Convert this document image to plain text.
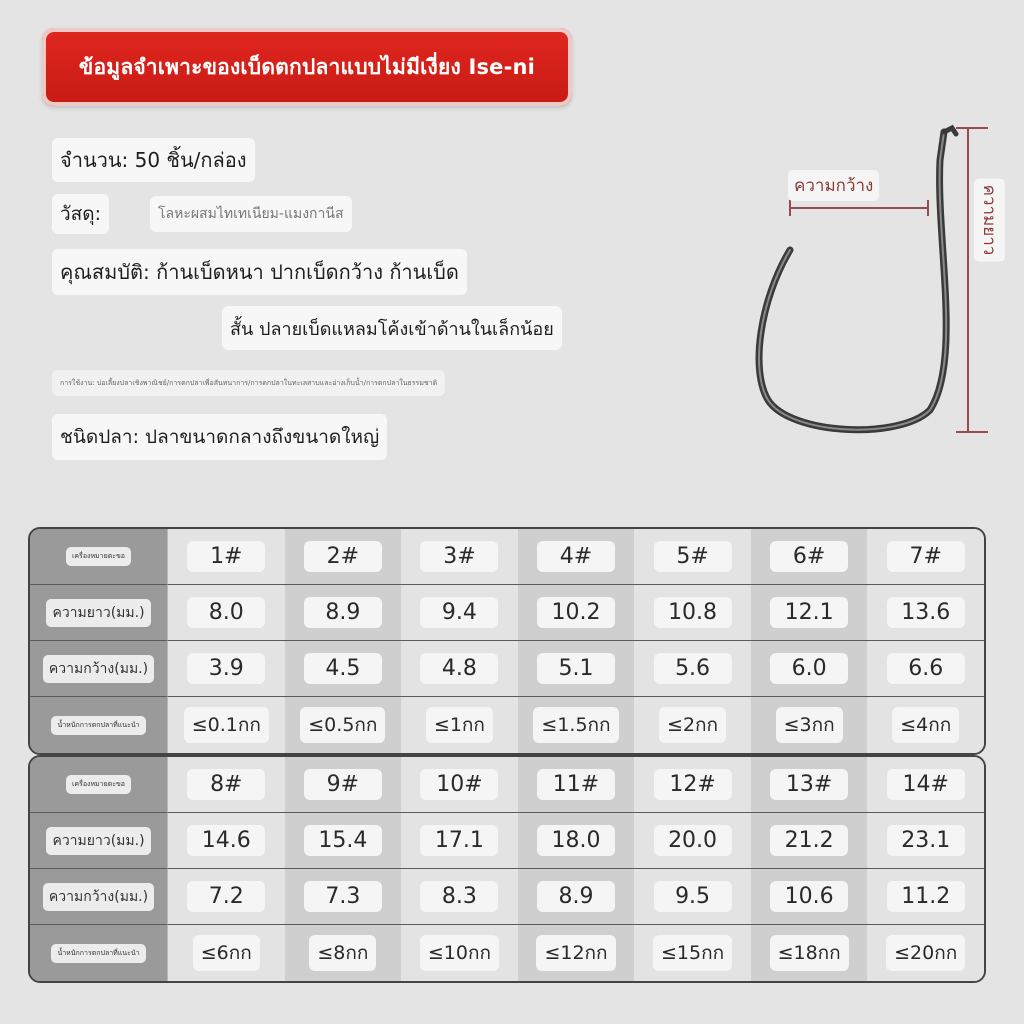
ข้อมูลจำเพาะของเบ็ดตกปลาแบบไม่มีเงี่ยง Ise-ni
จำนวน: 50 ชิ้น/กล่อง
วัสดุ:	โลหะผสมไทเทเนียม-แมงกานีส
คุณสมบัติ: ก้านเบ็ดหนา ปากเบ็ดกว้าง ก้านเบ็ด
สั้น ปลายเบ็ดแหลมโค้งเข้าด้านในเล็กน้อย
การใช้งาน: บ่อเลี้ยงปลาเชิงพาณิชย์/การตกปลาเพื่อสันทนาการ/การตกปลาในทะเลสาบและอ่างเก็บน้ำ/การตกปลาในธรรมชาติ
ชนิดปลา: ปลาขนาดกลางถึงขนาดใหญ่
ความกว้าง	ความยาว
เครื่องหมายตะขอ	1#	2#	3#	4#	5#	6#	7#
ความยาว(มม.)	8.0	8.9	9.4	10.2	10.8	12.1	13.6
ความกว้าง(มม.)	3.9	4.5	4.8	5.1	5.6	6.0	6.6
น้ำหนักการตกปลาที่แนะนำ	≤0.1กก	≤0.5กก	≤1กก	≤1.5กก	≤2กก	≤3กก	≤4กก
เครื่องหมายตะขอ	8#	9#	10#	11#	12#	13#	14#
ความยาว(มม.)	14.6	15.4	17.1	18.0	20.0	21.2	23.1
ความกว้าง(มม.)	7.2	7.3	8.3	8.9	9.5	10.6	11.2
น้ำหนักการตกปลาที่แนะนำ	≤6กก	≤8กก	≤10กก	≤12กก	≤15กก	≤18กก	≤20กก
